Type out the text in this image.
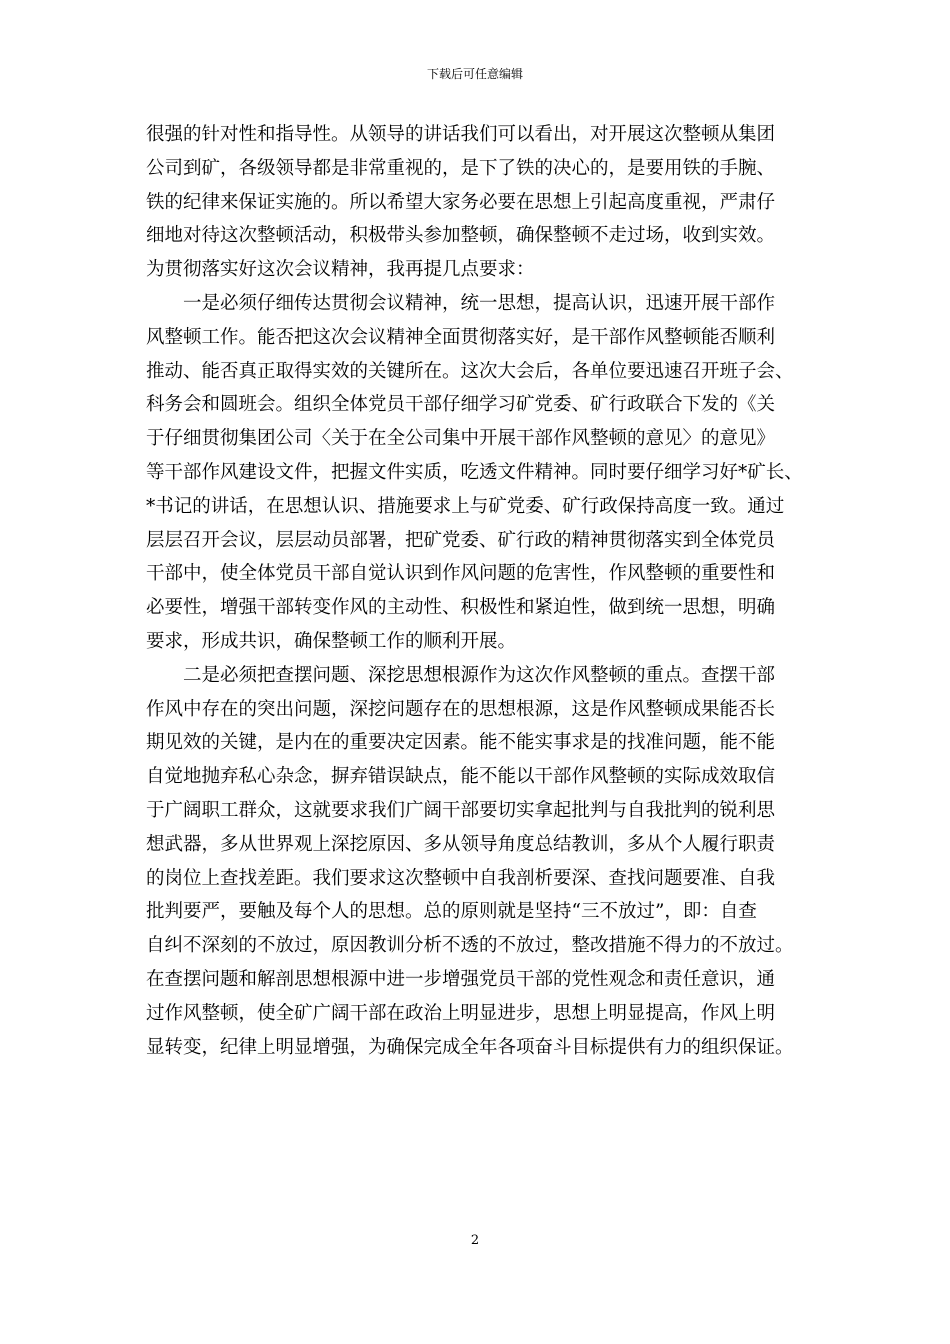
下载后可任意编辑
很强的针对性和指导性。从领导的讲话我们可以看出，对开展这次整顿从集团
公司到矿，各级领导都是非常重视的，是下了铁的决心的，是要用铁的手腕、
铁的纪律来保证实施的。所以希望大家务必要在思想上引起高度重视，严肃仔
细地对待这次整顿活动，积极带头参加整顿，确保整顿不走过场，收到实效。
为贯彻落实好这次会议精神，我再提几点要求：
一是必须仔细传达贯彻会议精神，统一思想，提高认识，迅速开展干部作
风整顿工作。能否把这次会议精神全面贯彻落实好，是干部作风整顿能否顺利
推动、能否真正取得实效的关键所在。这次大会后，各单位要迅速召开班子会、
科务会和圆班会。组织全体党员干部仔细学习矿党委、矿行政联合下发的《关
于仔细贯彻集团公司〈关于在全公司集中开展干部作风整顿的意见〉的意见》
等干部作风建设文件，把握文件实质，吃透文件精神。同时要仔细学习好*矿长、
*书记的讲话，在思想认识、措施要求上与矿党委、矿行政保持高度一致。通过
层层召开会议，层层动员部署，把矿党委、矿行政的精神贯彻落实到全体党员
干部中，使全体党员干部自觉认识到作风问题的危害性，作风整顿的重要性和
必要性，增强干部转变作风的主动性、积极性和紧迫性，做到统一思想，明确
要求，形成共识，确保整顿工作的顺利开展。
二是必须把查摆问题、深挖思想根源作为这次作风整顿的重点。查摆干部
作风中存在的突出问题，深挖问题存在的思想根源，这是作风整顿成果能否长
期见效的关键，是内在的重要决定因素。能不能实事求是的找准问题，能不能
自觉地抛弃私心杂念，摒弃错误缺点，能不能以干部作风整顿的实际成效取信
于广阔职工群众，这就要求我们广阔干部要切实拿起批判与自我批判的锐利思
想武器，多从世界观上深挖原因、多从领导角度总结教训，多从个人履行职责
的岗位上查找差距。我们要求这次整顿中自我剖析要深、查找问题要准、自我
批判要严，要触及每个人的思想。总的原则就是坚持“三不放过”，即：自查
自纠不深刻的不放过，原因教训分析不透的不放过，整改措施不得力的不放过。
在查摆问题和解剖思想根源中进一步增强党员干部的党性观念和责任意识，通
过作风整顿，使全矿广阔干部在政治上明显进步，思想上明显提高，作风上明
显转变，纪律上明显增强，为确保完成全年各项奋斗目标提供有力的组织保证。
2
